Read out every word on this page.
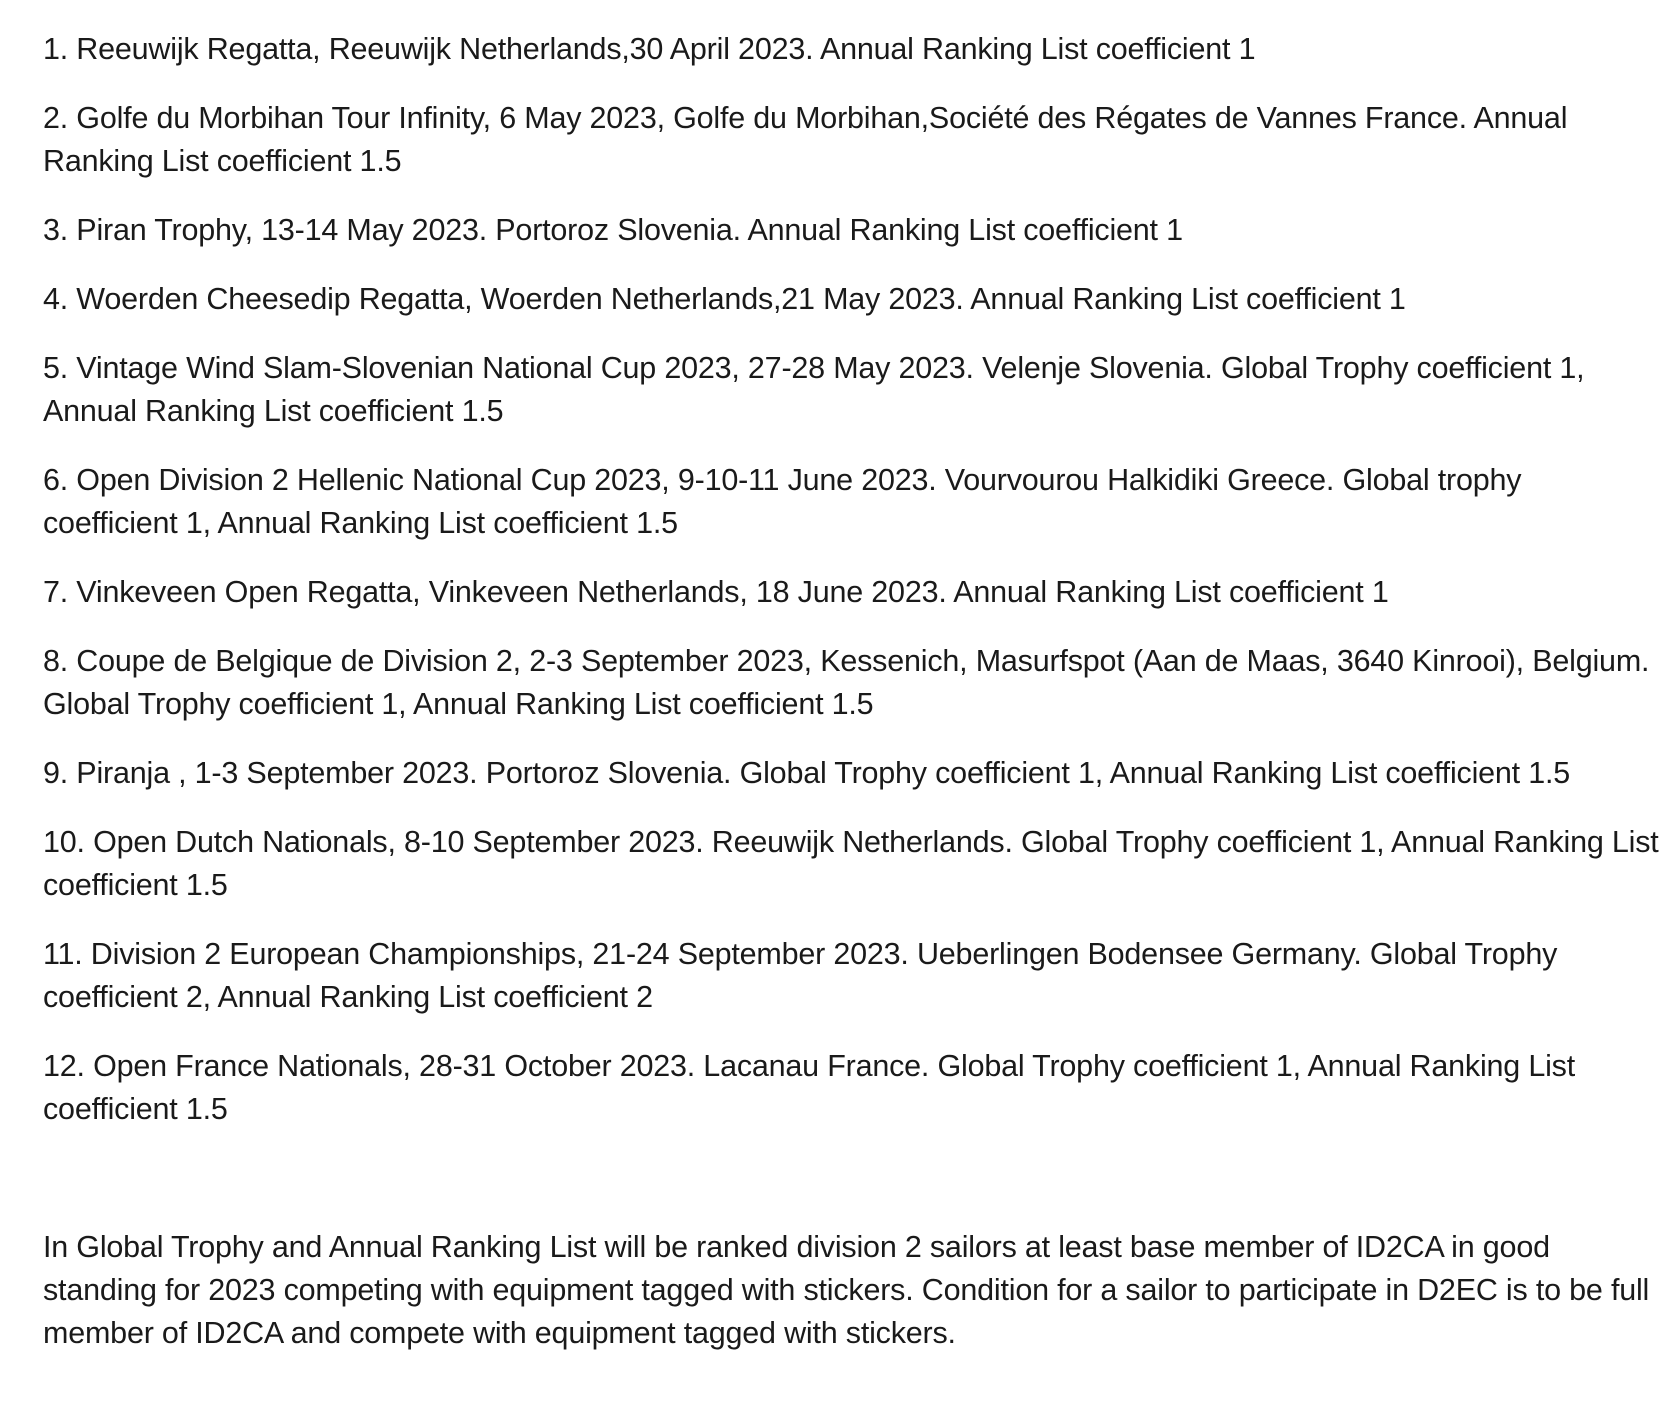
1. Reeuwijk Regatta, Reeuwijk Netherlands,30 April 2023. Annual Ranking List coefficient 1
2. Golfe du Morbihan Tour Infinity, 6 May 2023, Golfe du Morbihan,Société des Régates de Vannes France. Annual Ranking List coefficient 1.5
3. Piran Trophy, 13-14 May 2023. Portoroz Slovenia. Annual Ranking List coefficient 1
4. Woerden Cheesedip Regatta, Woerden Netherlands,21 May 2023. Annual Ranking List coefficient 1
5. Vintage Wind Slam-Slovenian National Cup 2023, 27-28 May 2023. Velenje Slovenia. Global Trophy coefficient 1, Annual Ranking List coefficient 1.5
6. Open Division 2 Hellenic National Cup 2023, 9-10-11 June 2023. Vourvourou Halkidiki Greece. Global trophy coefficient 1, Annual Ranking List coefficient 1.5
7. Vinkeveen Open Regatta, Vinkeveen Netherlands, 18 June 2023. Annual Ranking List coefficient 1
8. Coupe de Belgique de Division 2, 2-3 September 2023, Kessenich, Masurfspot (Aan de Maas, 3640 Kinrooi), Belgium. Global Trophy coefficient 1, Annual Ranking List coefficient 1.5
9. Piranja , 1-3 September 2023. Portoroz Slovenia. Global Trophy coefficient 1, Annual Ranking List coefficient 1.5
10. Open Dutch Nationals, 8-10 September 2023. Reeuwijk Netherlands. Global Trophy coefficient 1, Annual Ranking List coefficient 1.5
11. Division 2 European Championships, 21-24 September 2023. Ueberlingen Bodensee Germany. Global Trophy coefficient 2, Annual Ranking List coefficient 2
12. Open France Nationals, 28-31 October 2023. Lacanau France. Global Trophy coefficient 1, Annual Ranking List coefficient 1.5

In Global Trophy and Annual Ranking List will be ranked division 2 sailors at least base member of ID2CA in good standing for 2023 competing with equipment tagged with stickers. Condition for a sailor to participate in D2EC is to be full member of ID2CA and compete with equipment tagged with stickers.
